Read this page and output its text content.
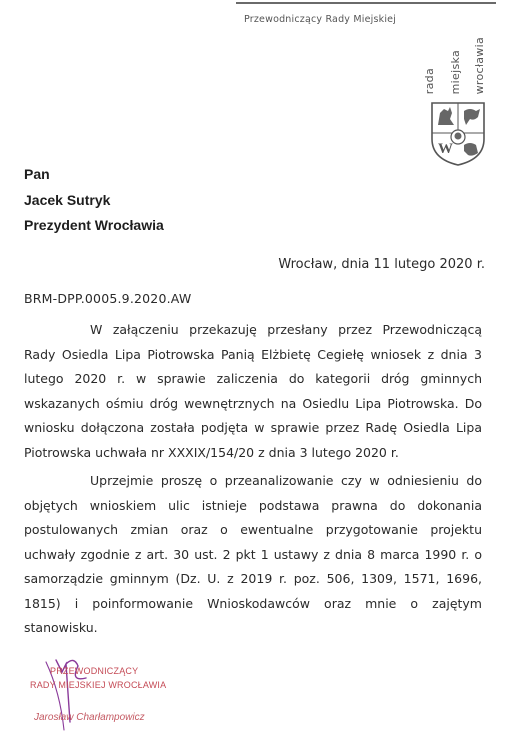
Przewodniczący Rady Miejskiej
rada miejska wrocławia
W
Pan
Jacek Sutryk
Prezydent Wrocławia
Wrocław, dnia 11 lutego 2020 r.
BRM-DPP.0005.9.2020.AW

W załączeniu przekazuję przesłany przez Przewodniczącą Rady Osiedla Lipa Piotrowska Panią Elżbietę Cegiełę wniosek z dnia 3 lutego 2020 r. w sprawie zaliczenia do kategorii dróg gminnych wskazanych ośmiu dróg wewnętrznych na Osiedlu Lipa Piotrowska. Do wniosku dołączona została podjęta w sprawie przez Radę Osiedla Lipa Piotrowska uchwała nr XXXIX/154/20 z dnia 3 lutego 2020 r.

Uprzejmie proszę o przeanalizowanie czy w odniesieniu do objętych wnioskiem ulic istnieje podstawa prawna do dokonania postulowanych zmian oraz o ewentualne przygotowanie projektu uchwały zgodnie z art. 30 ust. 2 pkt 1 ustawy z dnia 8 marca 1990 r. o samorządzie gminnym (Dz. U. z 2019 r. poz. 506, 1309, 1571, 1696, 1815) i poinformowanie Wnioskodawców oraz mnie o zajętym stanowisku.

PRZEWODNICZĄCY
RADY MIEJSKIEJ WROCŁAWIA
Jarosław Charłampowicz
